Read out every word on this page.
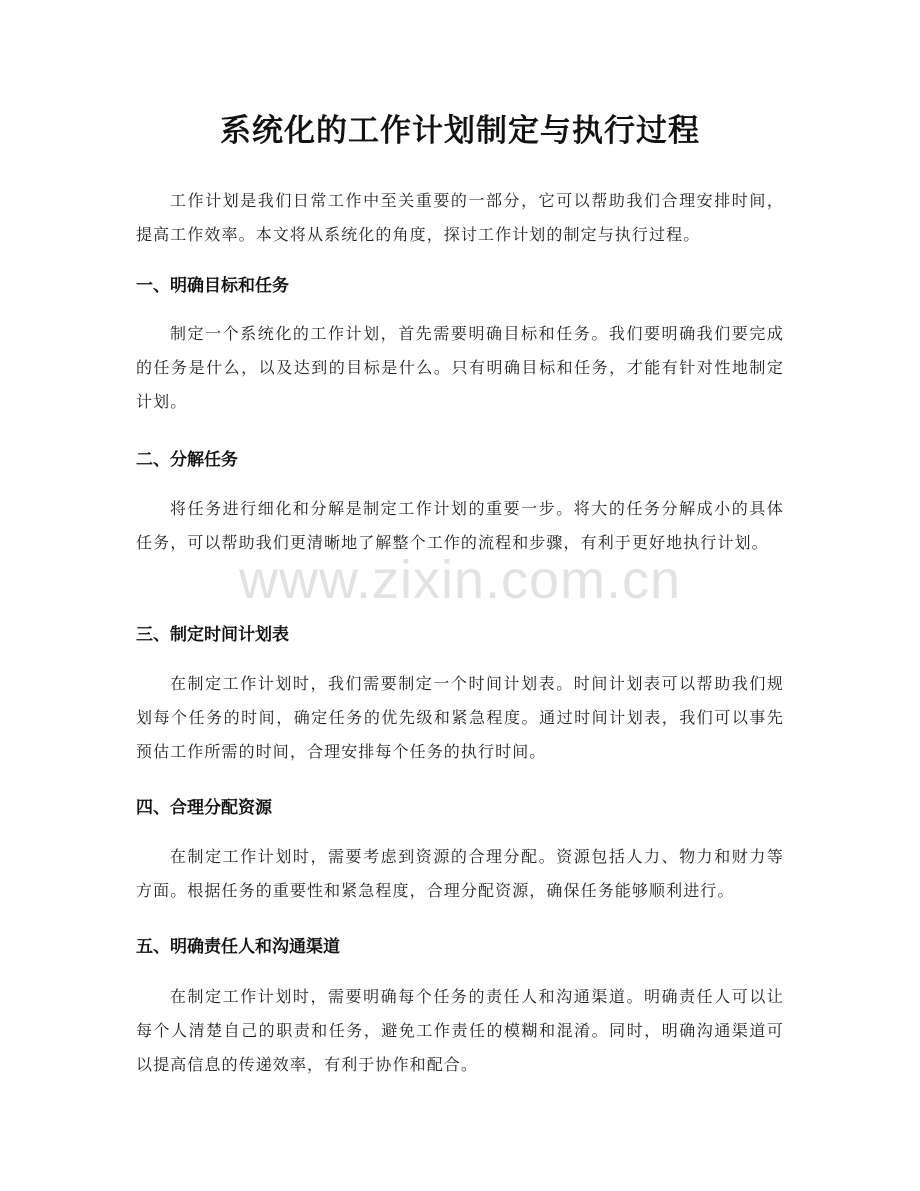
系统化的工作计划制定与执行过程
工作计划是我们日常工作中至关重要的一部分，它可以帮助我们合理安排时间，提高工作效率。本文将从系统化的角度，探讨工作计划的制定与执行过程。
一、明确目标和任务
制定一个系统化的工作计划，首先需要明确目标和任务。我们要明确我们要完成的任务是什么，以及达到的目标是什么。只有明确目标和任务，才能有针对性地制定计划。
二、分解任务
将任务进行细化和分解是制定工作计划的重要一步。将大的任务分解成小的具体任务，可以帮助我们更清晰地了解整个工作的流程和步骤，有利于更好地执行计划。
三、制定时间计划表
在制定工作计划时，我们需要制定一个时间计划表。时间计划表可以帮助我们规划每个任务的时间，确定任务的优先级和紧急程度。通过时间计划表，我们可以事先预估工作所需的时间，合理安排每个任务的执行时间。
四、合理分配资源
在制定工作计划时，需要考虑到资源的合理分配。资源包括人力、物力和财力等方面。根据任务的重要性和紧急程度，合理分配资源，确保任务能够顺利进行。
五、明确责任人和沟通渠道
在制定工作计划时，需要明确每个任务的责任人和沟通渠道。明确责任人可以让每个人清楚自己的职责和任务，避免工作责任的模糊和混淆。同时，明确沟通渠道可以提高信息的传递效率，有利于协作和配合。
www.zixin.com.cn
